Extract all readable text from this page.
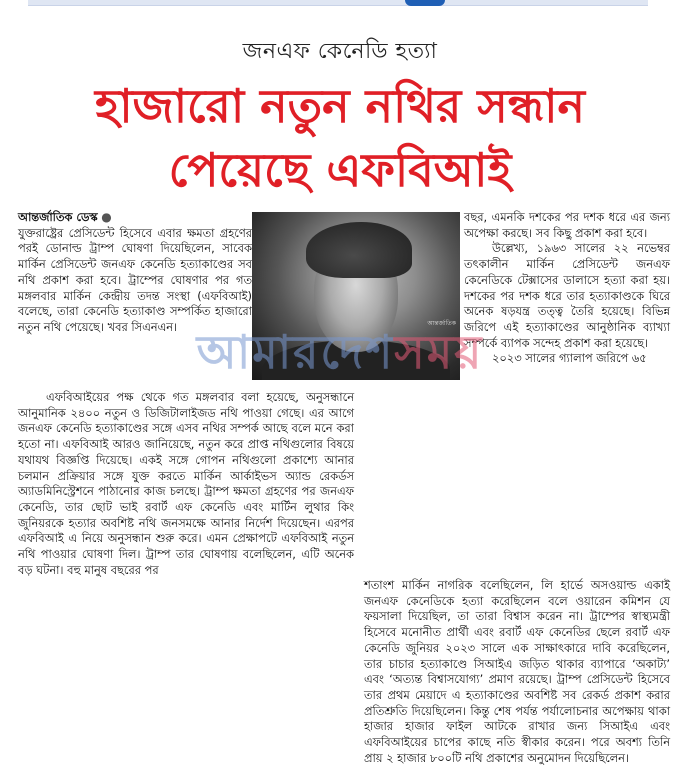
জনএফ কেনেডি হত্যা
হাজারো নতুন নথির সন্ধান
পেয়েছে এফবিআই

আন্তর্জাতিক ডেস্ক ●

যুক্তরাষ্ট্রের প্রেসিডেন্ট হিসেবে এবার ক্ষমতা গ্রহণের পরই ডোনাল্ড ট্রাম্প ঘোষণা দিয়েছিলেন, সাবেক মার্কিন প্রেসিডেন্ট জনএফ কেনেডি হত্যাকাণ্ডের সব নথি প্রকাশ করা হবে। ট্রাম্পের ঘোষণার পর গত মঙ্গলবার মার্কিন কেন্দ্রীয় তদন্ত সংস্থা (এফবিআই) বলেছে, তারা কেনেডি হত্যাকাণ্ড সম্পর্কিত হাজারো নতুন নথি পেয়েছে। খবর সিএনএন।	আন্তর্জাতিক

বছর, এমনকি দশকের পর দশক ধরে এর জন্য অপেক্ষা করছে। সব কিছু প্রকাশ করা হবে।

উল্লেখ্য, ১৯৬৩ সালের ২২ নভেম্বর তৎকালীন মার্কিন প্রেসিডেন্ট জনএফ কেনেডিকে টেক্সাসের ডালাসে হত্যা করা হয়। দশকের পর দশক ধরে তার হত্যাকাণ্ডকে ঘিরে অনেক ষড়যন্ত্র তত্ত্ব তৈরি হয়েছে। বিভিন্ন জরিপে এই হত্যাকাণ্ডের আনুষ্ঠানিক ব্যাখ্যা সম্পর্কে ব্যাপক সন্দেহ প্রকাশ করা হয়েছে।

২০২৩ সালের গ্যালাপ জরিপে ৬৫

এফবিআইয়ের পক্ষ থেকে গত মঙ্গলবার বলা হয়েছে, অনুসন্ধানে আনুমানিক ২৪০০ নতুন ও ডিজিটালাইজড নথি পাওয়া গেছে। এর আগে জনএফ কেনেডি হত্যাকাণ্ডের সঙ্গে এসব নথির সম্পর্ক আছে বলে মনে করা হতো না। এফবিআই আরও জানিয়েছে, নতুন করে প্রাপ্ত নথিগুলোর বিষয়ে যথাযথ বিজ্ঞপ্তি দিয়েছে। একই সঙ্গে গোপন নথিগুলো প্রকাশ্যে আনার চলমান প্রক্রিয়ার সঙ্গে যুক্ত করতে মার্কিন আর্কাইভস অ্যান্ড রেকর্ডস অ্যাডমিনিস্ট্রেশনে পাঠানোর কাজ চলছে। ট্রাম্প ক্ষমতা গ্রহণের পর জনএফ কেনেডি, তার ছোট ভাই রবার্ট এফ কেনেডি এবং মার্টিন লুথার কিং জুনিয়রকে হত্যার অবশিষ্ট নথি জনসমক্ষে আনার নির্দেশ দিয়েছেন। এরপর এফবিআই এ নিয়ে অনুসন্ধান শুরু করে। এমন প্রেক্ষাপটে এফবিআই নতুন নথি পাওয়ার ঘোষণা দিল। ট্রাম্প তার ঘোষণায় বলেছিলেন, এটি অনেক বড় ঘটনা। বহু মানুষ বছরের পর

শতাংশ মার্কিন নাগরিক বলেছিলেন, লি হার্ভে অসওয়াল্ড একাই জনএফ কেনেডিকে হত্যা করেছিলেন বলে ওয়ারেন কমিশন যে ফয়সালা দিয়েছিল, তা তারা বিশ্বাস করেন না। ট্রাম্পের স্বাস্থ্যমন্ত্রী হিসেবে মনোনীত প্রার্থী এবং রবার্ট এফ কেনেডির ছেলে রবার্ট এফ কেনেডি জুনিয়র ২০২৩ সালে এক সাক্ষাৎকারে দাবি করেছিলেন, তার চাচার হত্যাকাণ্ডে সিআইএ জড়িত থাকার ব্যাপারে ‘অকাট্য’ এবং ‘অত্যন্ত বিশ্বাসযোগ্য’ প্রমাণ রয়েছে। ট্রাম্প প্রেসিডেন্ট হিসেবে তার প্রথম মেয়াদে এ হত্যাকাণ্ডের অবশিষ্ট সব রেকর্ড প্রকাশ করার প্রতিশ্রুতি দিয়েছিলেন। কিন্তু শেষ পর্যন্ত পর্যালোচনার অপেক্ষায় থাকা হাজার হাজার ফাইল আটকে রাখার জন্য সিআইএ এবং এফবিআইয়ের চাপের কাছে নতি স্বীকার করেন। পরে অবশ্য তিনি প্রায় ২ হাজার ৮০০টি নথি প্রকাশের অনুমোদন দিয়েছিলেন।

আমারদেশসময়
